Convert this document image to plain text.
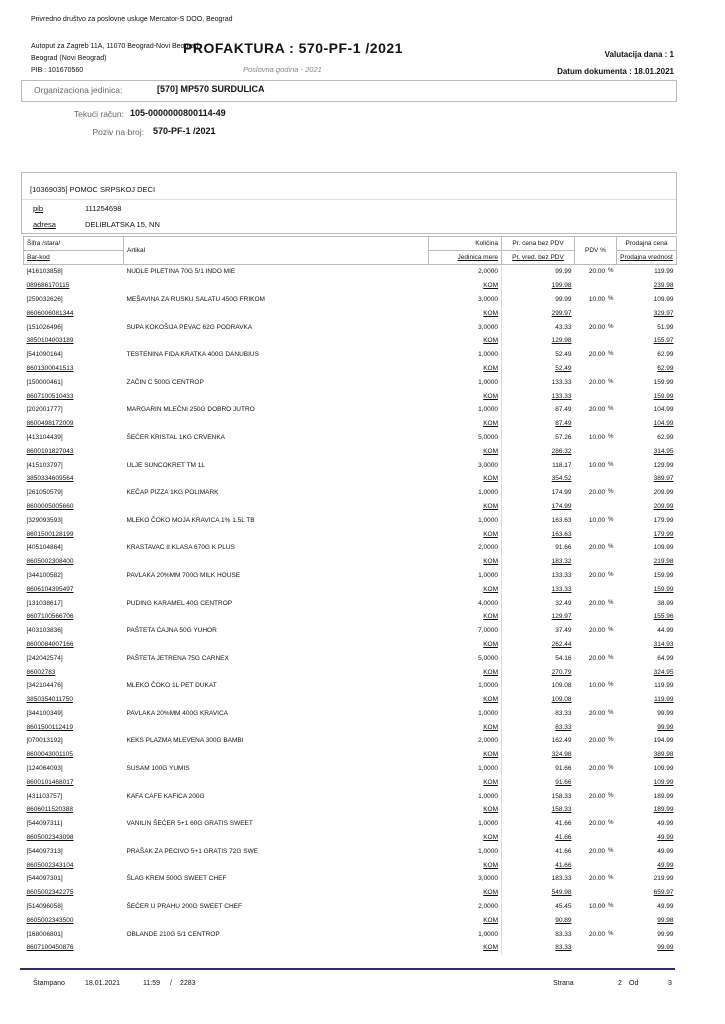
Privredno društvo za poslovne usluge Mercator-S DOO, Beograd
Autoput za Zagreb 11A, 11070 Beograd-Novi Beograd
Beograd (Novi Beograd)
PIB : 101670560
PROFAKTURA : 570-PF-1 /2021
Poslovna godina - 2021
Valutacija dana : 1
Datum dokumenta : 18.01.2021
Organizaciona jedinica:	[570] MP570 SURDULICA
Tekući račun: 105-0000000800114-49
Poziv na broj: 570-PF-1 /2021
[10369035] POMOC SRPSKOJ DECI
pib	111254698
adresa	DELIBLATSKA 15, NN
Šifra /stara/	Artikal	Količina	Pr. cena bez PDV	PDV %	Prodajna cena
Bar-kod		Jedinica mere	Pr. vred. bez PDV		Prodajna vrednost
[416103858]	NUDLE PILETINA 70G 5/1 INDO MIE	2,0000	99.99	20.00 %	119.99
089686170115		KOM	199.98		239.98
[259032626]	MEŠAVINA ZA RUSKU SALATU 450G FRIKOM	3,0000	99.99	10.00 %	109.99
8606006081344		KOM	299.97		329.97
[151026496]	SUPA KOKOŠIJA PEVAC 62G PODRAVKA	3,0000	43.33	20.00 %	51.99
3850104003189		KOM	129.98		155.97
[541090164]	TESTENINA FIDA KRATKA 400G DANUBIUS	1,0000	52.49	20.00 %	62.99
8601300041513		KOM	52.49		62.99
[150000461]	ZAČIN C 500G CENTROP	1,0000	133.33	20.00 %	159.99
8607100510433		KOM	133.33		159.99
[202001777]	MARGARIN MLEČNI 250G DOBRO JUTRO	1,0000	87.49	20.00 %	104.99
8600498172009		KOM	87.49		104.99
[413104439]	ŠEĆER KRISTAL 1KG CRVENKA	5,0000	57.26	10.00 %	62.99
8600101827043		KOM	286.32		314.95
[415103797]	ULJE SUNCOKRET TM 1L	3,0000	118.17	10.00 %	129.99
3850334609564		KOM	354.52		389.97
[261050579]	KEČAP PIZZA 1KG POLIMARK	1,0000	174.99	20.00 %	209.99
8600005005660		KOM	174.99		209.99
[329093593]	MLEKO ČOKO MOJA KRAVICA 1% 1.5L TB	1,0000	163.63	10.00 %	179.99
8601500128199		KOM	163.63		179.99
[405104864]	KRASTAVAC II KLASA 670G K PLUS	2,0000	91.66	20.00 %	109.99
8605002308400		KOM	183.32		219.98
[344100582]	PAVLAKA 20%MM 700G MILK HOUSE	1,0000	133.33	20.00 %	159.99
8606104395497		KOM	133.33		159.99
[131038617]	PUDING KARAMEL 40G CENTROP	4,0000	32.49	20.00 %	38.99
8607100566706		KOM	129.97		155.96
[403103836]	PAŠTETA ĆAJNA 50G YUHOR	7,0000	37.49	20.00 %	44.99
8600084007166		KOM	262.44		314.93
[242042574]	PAŠTETA JETRENA 75G CARNEX	5,0000	54.16	20.00 %	64.99
86002783		KOM	270.79		324.95
[342104476]	MLEKO ČOKO 1L PET DUKAT	1,0000	109.08	10.00 %	119.99
3850354011750		KOM	109.08		119.99
[344100349]	PAVLAKA 20%MM 400G KRAVICA	1,0000	83.33	20.00 %	99.99
8601500112419		KOM	83.33		99.99
[070013192]	KEKS PLAZMA MLEVENA 300G BAMBI	2,0000	162.49	20.00 %	194.99
8600043001105		KOM	324.98		389.98
[124064093]	SUSAM 100G YUMIS	1,0000	91.66	20.00 %	109.99
8600101468017		KOM	91.66		109.99
[431103757]	KAFA CAFE KAFICA 200G	1,0000	158.33	20.00 %	189.99
8606011520388		KOM	158.33		189.99
[544097311]	VANILIN ŠEĆER 5+1 60G GRATIS SWEET	1,0000	41.66	20.00 %	49.99
8605002343098		KOM	41.66		49.99
[544097313]	PRAŠAK ZA PECIVO 5+1 GRATIS 72G SWE	1,0000	41.66	20.00 %	49.99
8605002343104		KOM	41.66		49.99
[544097301]	ŠLAG KREM 500G SWEET CHEF	3,0000	183.33	20.00 %	219.99
8605002342275		KOM	549.98		659.97
[514096058]	ŠEĆER U PRAHU 200G SWEET CHEF	2,0000	45.45	10.00 %	49.99
8605002343500		KOM	90.89		99.98
[168006801]	OBLANDE 210G 5/1 CENTROP	1,0000	83.33	20.00 %	99.99
8607100450876		KOM	83.33		99.99
Štampano	18.01.2021	11:59 / 2283	Strana	2 Od	3
